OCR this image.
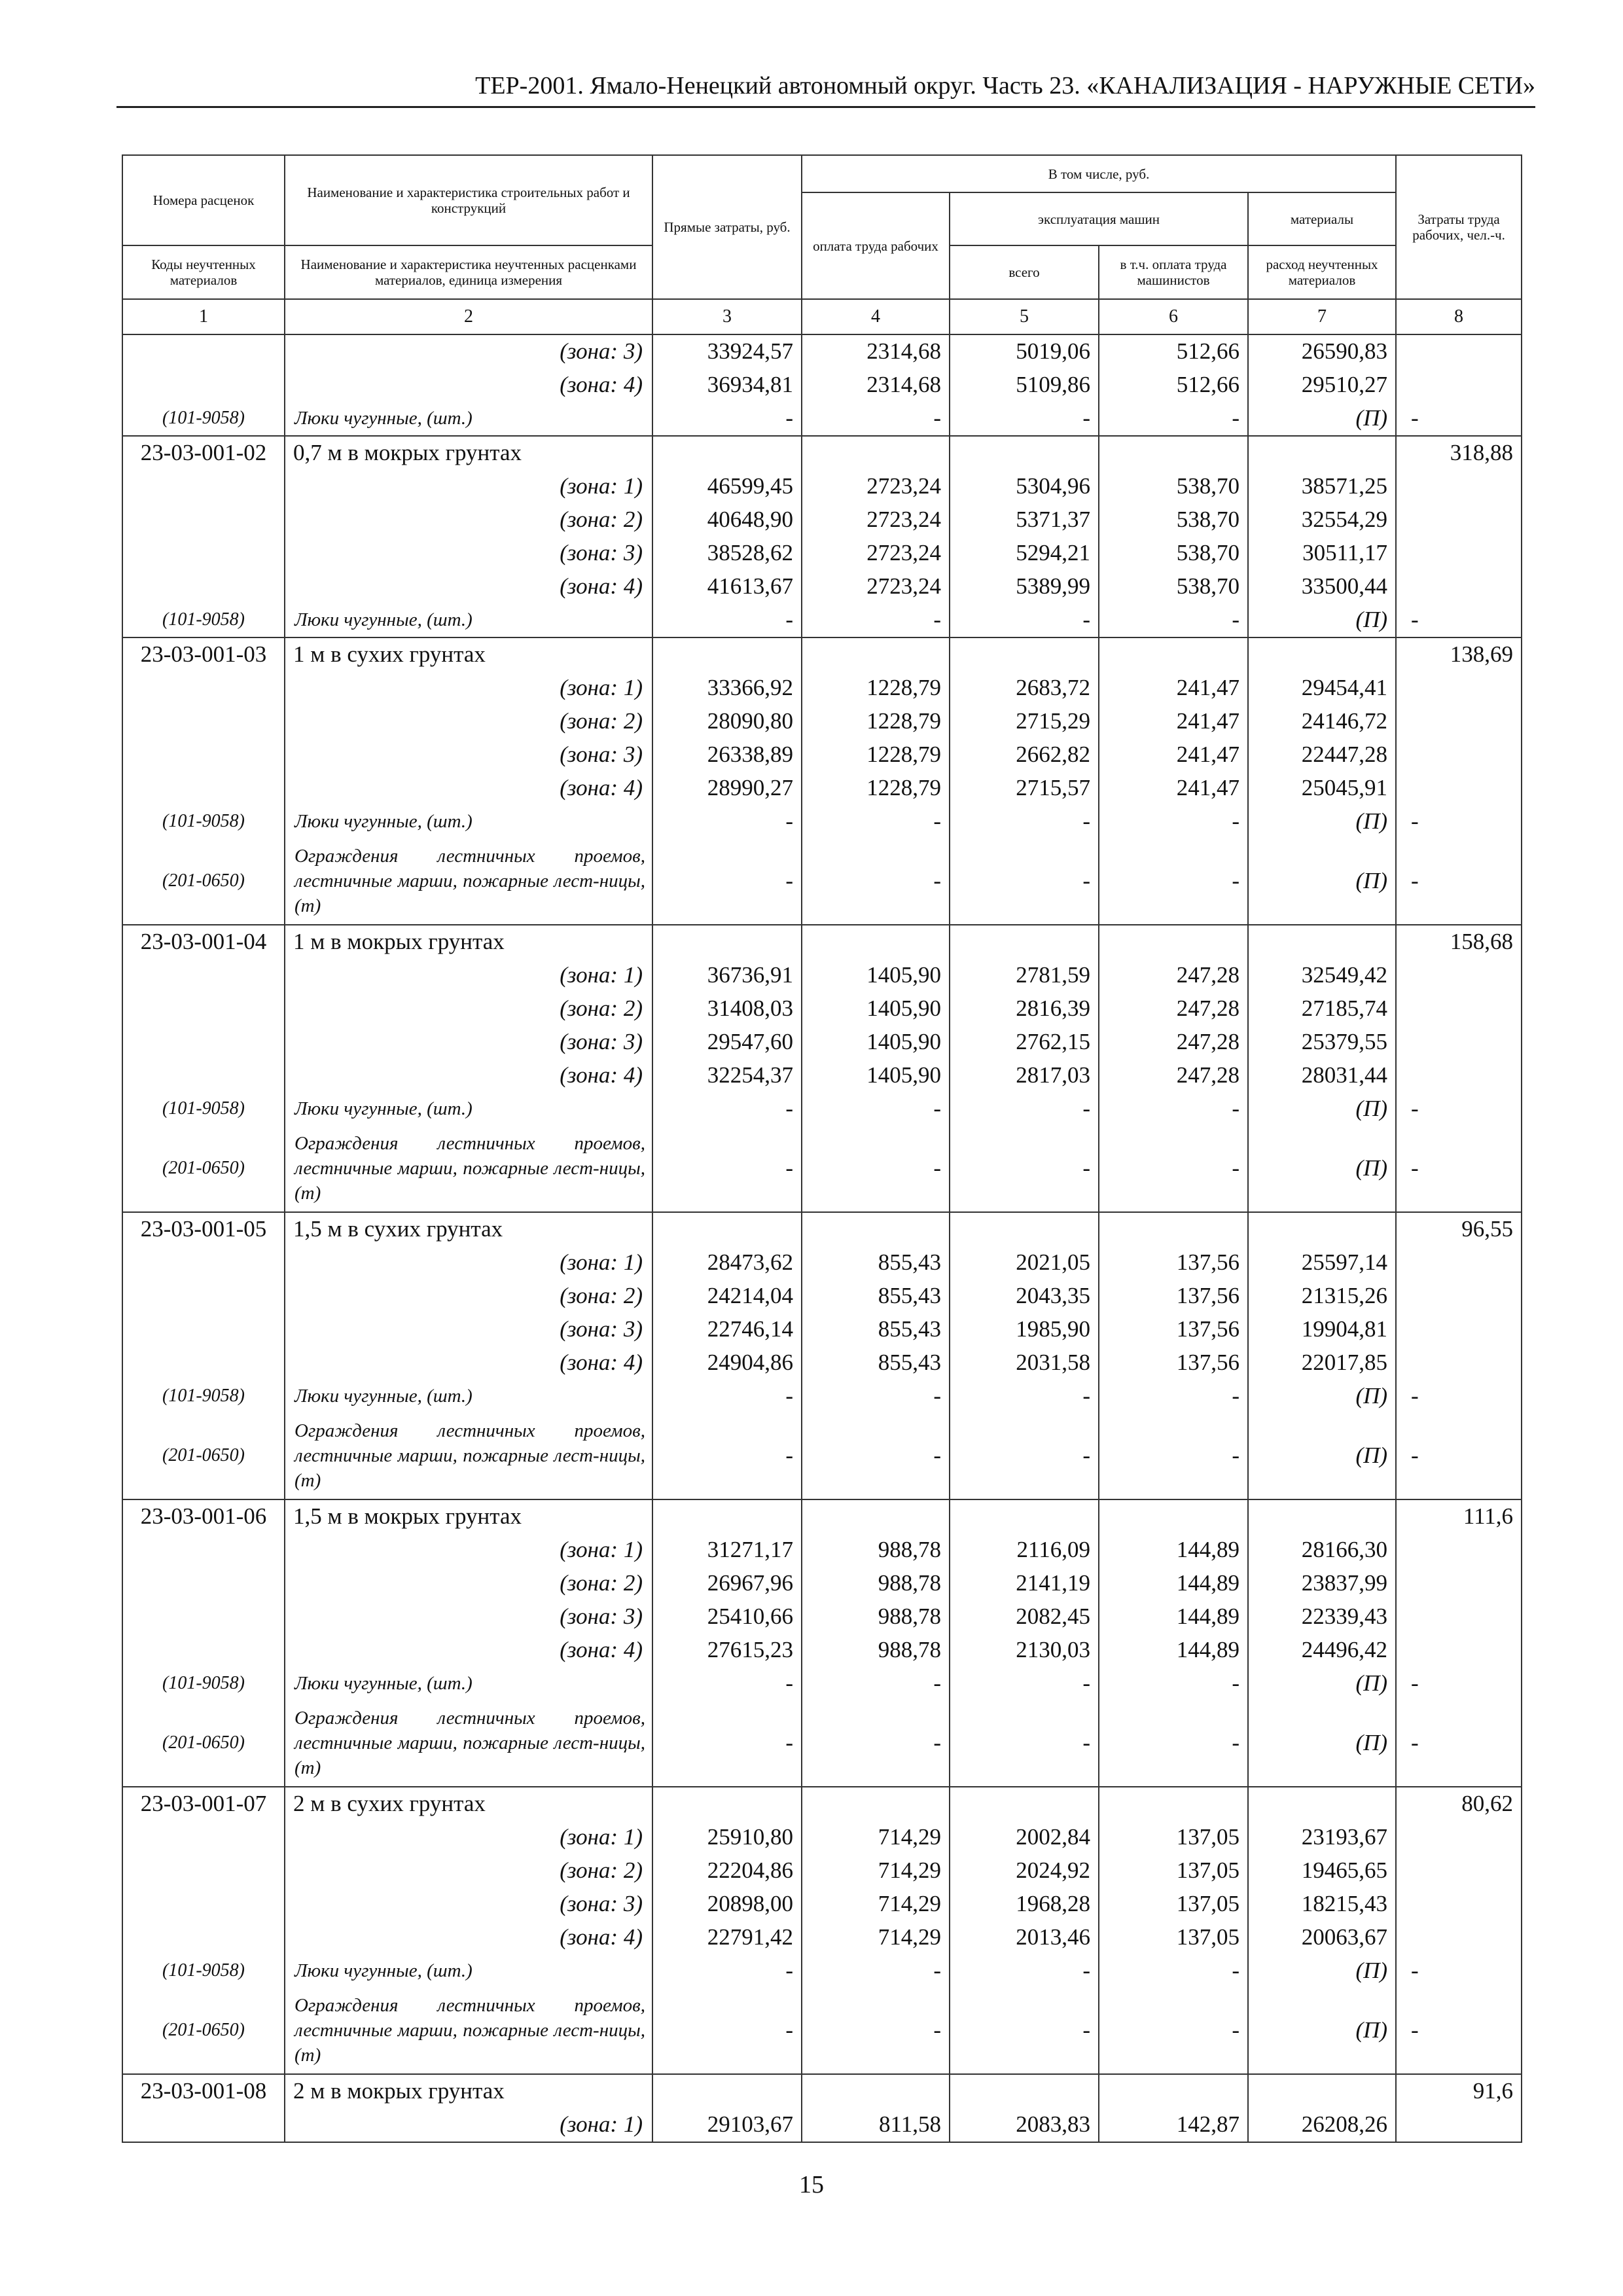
ТЕР-2001. Ямало-Ненецкий автономный округ. Часть 23. «КАНАЛИЗАЦИЯ - НАРУЖНЫЕ СЕТИ»
Номера расценок	Наименование и характеристика строительных работ и конструкций	Прямые затраты, руб.	В том числе, руб.				Затраты труда рабочих, чел.-ч.
			оплата труда рабочих	эксплуатация машин		материалы	
Коды неучтенных материалов	Наименование и характеристика неучтенных расценками материалов, единица измерения			всего	в т.ч. оплата труда машинистов	расход неучтенных материалов	
1	2	3	4	5	6	7	8
	(зона: 3)	33924,57	2314,68	5019,06	512,66	26590,83	
	(зона: 4)	36934,81	2314,68	5109,86	512,66	29510,27	
(101-9058)	Люки чугунные, (шт.)	-	-	-	-	(П)	-
23-03-001-02	0,7 м в мокрых грунтах						318,88
	(зона: 1)	46599,45	2723,24	5304,96	538,70	38571,25	
	(зона: 2)	40648,90	2723,24	5371,37	538,70	32554,29	
	(зона: 3)	38528,62	2723,24	5294,21	538,70	30511,17	
	(зона: 4)	41613,67	2723,24	5389,99	538,70	33500,44	
(101-9058)	Люки чугунные, (шт.)	-	-	-	-	(П)	-
23-03-001-03	1 м в сухих грунтах						138,69
	(зона: 1)	33366,92	1228,79	2683,72	241,47	29454,41	
	(зона: 2)	28090,80	1228,79	2715,29	241,47	24146,72	
	(зона: 3)	26338,89	1228,79	2662,82	241,47	22447,28	
	(зона: 4)	28990,27	1228,79	2715,57	241,47	25045,91	
(101-9058)	Люки чугунные, (шт.)	-	-	-	-	(П)	-
(201-0650)	Ограждения лестничных проемов, лестничные марши, пожарные лест-ницы, (т)	-	-	-	-	(П)	-
23-03-001-04	1 м в мокрых грунтах						158,68
	(зона: 1)	36736,91	1405,90	2781,59	247,28	32549,42	
	(зона: 2)	31408,03	1405,90	2816,39	247,28	27185,74	
	(зона: 3)	29547,60	1405,90	2762,15	247,28	25379,55	
	(зона: 4)	32254,37	1405,90	2817,03	247,28	28031,44	
(101-9058)	Люки чугунные, (шт.)	-	-	-	-	(П)	-
(201-0650)	Ограждения лестничных проемов, лестничные марши, пожарные лест-ницы, (т)	-	-	-	-	(П)	-
23-03-001-05	1,5 м в сухих грунтах						96,55
	(зона: 1)	28473,62	855,43	2021,05	137,56	25597,14	
	(зона: 2)	24214,04	855,43	2043,35	137,56	21315,26	
	(зона: 3)	22746,14	855,43	1985,90	137,56	19904,81	
	(зона: 4)	24904,86	855,43	2031,58	137,56	22017,85	
(101-9058)	Люки чугунные, (шт.)	-	-	-	-	(П)	-
(201-0650)	Ограждения лестничных проемов, лестничные марши, пожарные лест-ницы, (т)	-	-	-	-	(П)	-
23-03-001-06	1,5 м в мокрых грунтах						111,6
	(зона: 1)	31271,17	988,78	2116,09	144,89	28166,30	
	(зона: 2)	26967,96	988,78	2141,19	144,89	23837,99	
	(зона: 3)	25410,66	988,78	2082,45	144,89	22339,43	
	(зона: 4)	27615,23	988,78	2130,03	144,89	24496,42	
(101-9058)	Люки чугунные, (шт.)	-	-	-	-	(П)	-
(201-0650)	Ограждения лестничных проемов, лестничные марши, пожарные лест-ницы, (т)	-	-	-	-	(П)	-
23-03-001-07	2 м в сухих грунтах						80,62
	(зона: 1)	25910,80	714,29	2002,84	137,05	23193,67	
	(зона: 2)	22204,86	714,29	2024,92	137,05	19465,65	
	(зона: 3)	20898,00	714,29	1968,28	137,05	18215,43	
	(зона: 4)	22791,42	714,29	2013,46	137,05	20063,67	
(101-9058)	Люки чугунные, (шт.)	-	-	-	-	(П)	-
(201-0650)	Ограждения лестничных проемов, лестничные марши, пожарные лест-ницы, (т)	-	-	-	-	(П)	-
23-03-001-08	2 м в мокрых грунтах						91,6
	(зона: 1)	29103,67	811,58	2083,83	142,87	26208,26	
15
